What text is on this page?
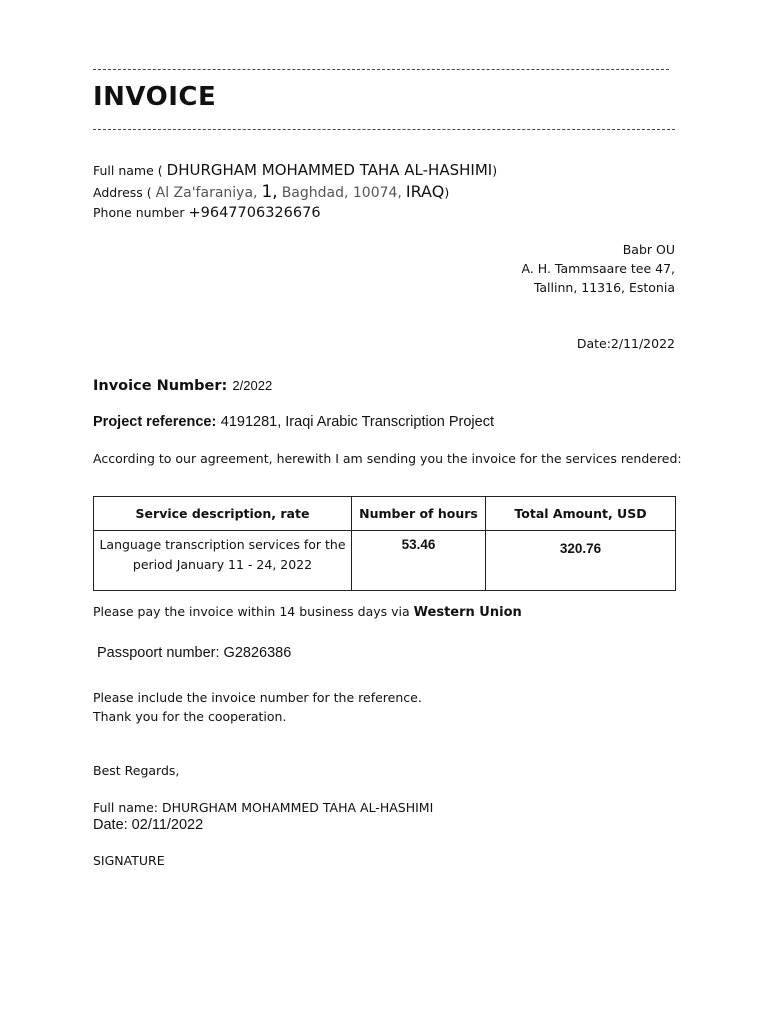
INVOICE
Full name ( DHURGHAM MOHAMMED TAHA AL-HASHIMI)
Address ( Al Za'faraniya, 1, Baghdad, 10074, IRAQ)
Phone number +9647706326676
Babr OU
A. H. Tammsaare tee 47,
Tallinn, 11316, Estonia
Date:2/11/2022
Invoice Number: 2/2022
Project reference: 4191281, Iraqi Arabic Transcription Project
According to our agreement, herewith I am sending you the invoice for the services rendered:
Service description, rate	Number of hours	Total Amount, USD

Language transcription services for the
period January 11 - 24, 2022	53.46	320.76
Please pay the invoice within 14 business days via Western Union
Passpoort number: G2826386
Please include the invoice number for the reference.
Thank you for the cooperation.
Best Regards,
Full name: DHURGHAM MOHAMMED TAHA AL-HASHIMI
Date: 02/11/2022
SIGNATURE
